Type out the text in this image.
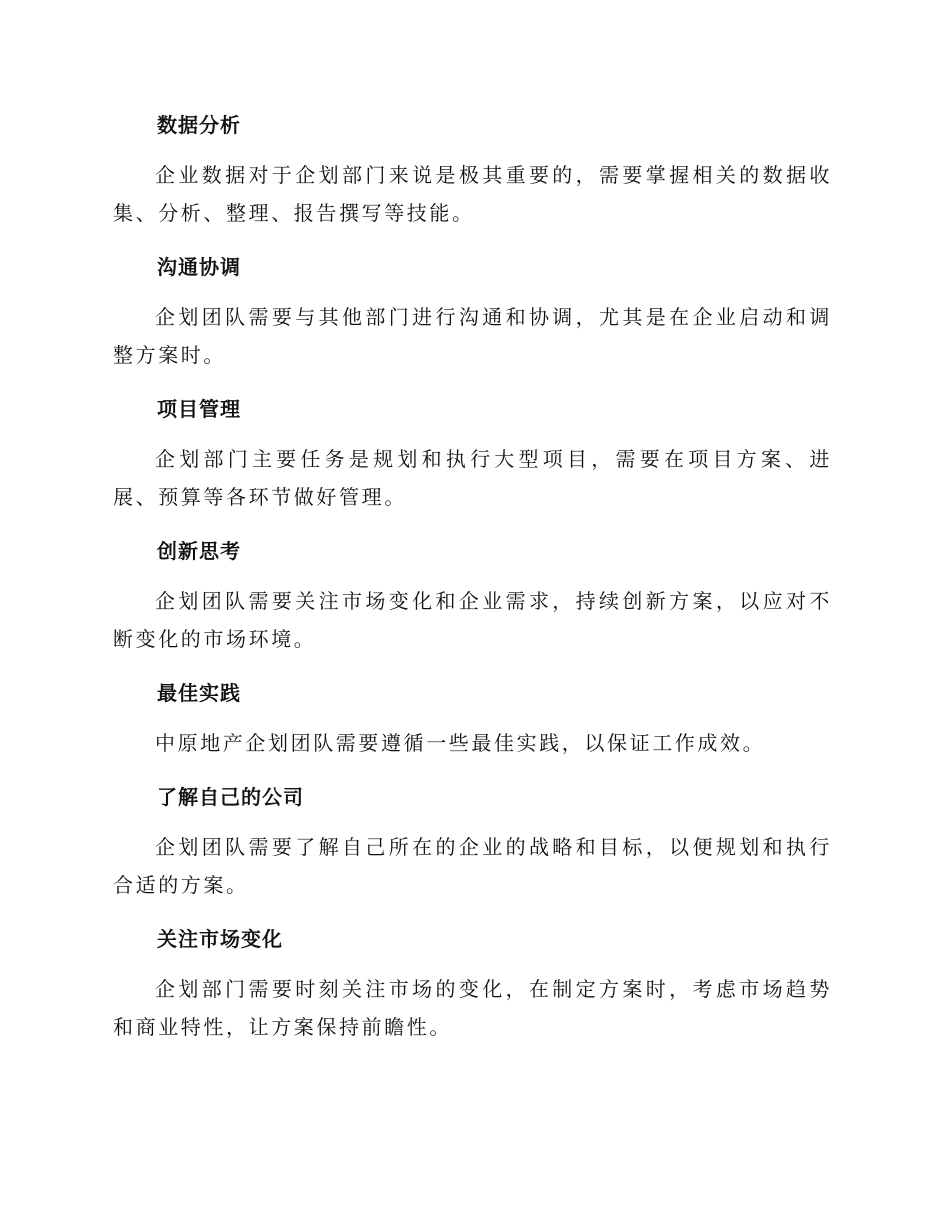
数据分析

企业数据对于企划部门来说是极其重要的，需要掌握相关的数据收集、分析、整理、报告撰写等技能。

沟通协调

企划团队需要与其他部门进行沟通和协调，尤其是在企业启动和调整方案时。

项目管理

企划部门主要任务是规划和执行大型项目，需要在项目方案、进展、预算等各环节做好管理。

创新思考

企划团队需要关注市场变化和企业需求，持续创新方案，以应对不断变化的市场环境。

最佳实践

中原地产企划团队需要遵循一些最佳实践，以保证工作成效。

了解自己的公司

企划团队需要了解自己所在的企业的战略和目标，以便规划和执行合适的方案。

关注市场变化

企划部门需要时刻关注市场的变化，在制定方案时，考虑市场趋势和商业特性，让方案保持前瞻性。
